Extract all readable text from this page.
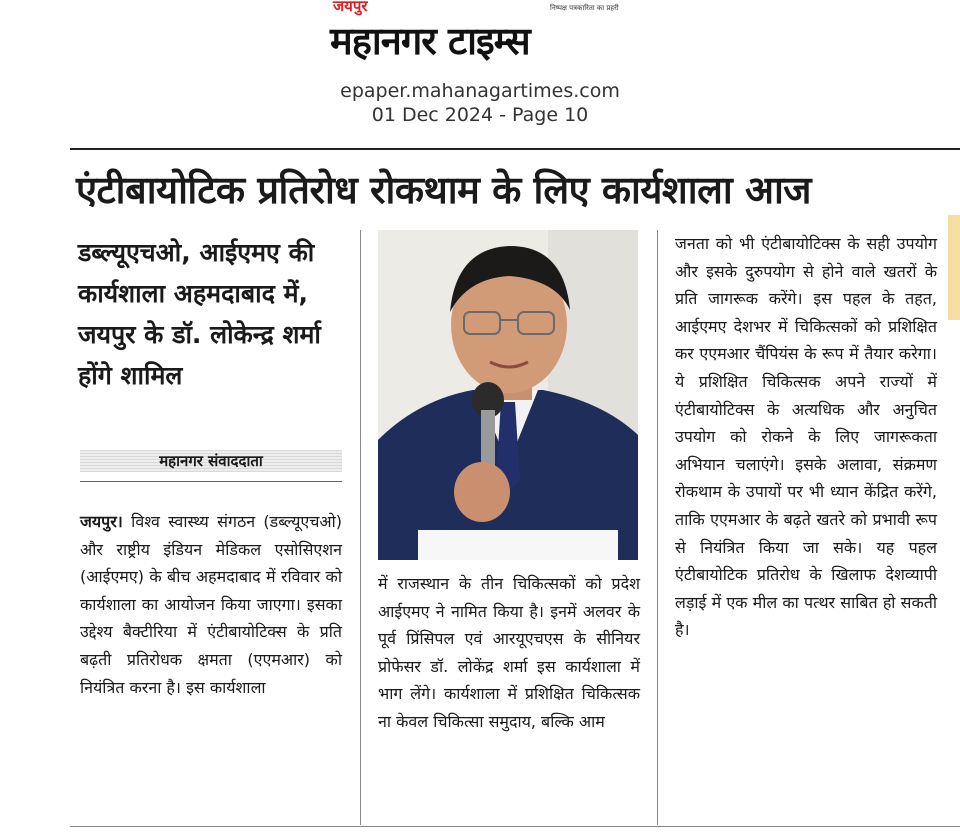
जयपुर	निष्पक्ष पत्रकारिता का प्रहरी
महानगर टाइम्स
epaper.mahanagartimes.com
01 Dec 2024 - Page 10
एंटीबायोटिक प्रतिरोध रोकथाम के लिए कार्यशाला आज
डब्ल्यूएचओ, आईएमए की कार्यशाला अहमदाबाद में, जयपुर के डॉ. लोकेन्द्र शर्मा होंगे शामिल
महानगर संवाददाता
जयपुर। विश्व स्वास्थ्य संगठन (डब्ल्यूएचओ) और राष्ट्रीय इंडियन मेडिकल एसोसिएशन (आईएमए) के बीच अहमदाबाद में रविवार को कार्यशाला का आयोजन किया जाएगा। इसका उद्देश्य बैक्टीरिया में एंटीबायोटिक्स के प्रति बढ़ती प्रतिरोधक क्षमता (एएमआर) को नियंत्रित करना है। इस कार्यशाला
में राजस्थान के तीन चिकित्सकों को प्रदेश आईएमए ने नामित किया है। इनमें अलवर के पूर्व प्रिंसिपल एवं आरयूएचएस के सीनियर प्रोफेसर डॉ. लोकेंद्र शर्मा इस कार्यशाला में भाग लेंगे। कार्यशाला में प्रशिक्षित चिकित्सक ना केवल चिकित्सा समुदाय, बल्कि आम
जनता को भी एंटीबायोटिक्स के सही उपयोग और इसके दुरुपयोग से होने वाले खतरों के प्रति जागरूक करेंगे। इस पहल के तहत, आईएमए देशभर में चिकित्सकों को प्रशिक्षित कर एएमआर चैंपियंस के रूप में तैयार करेगा। ये प्रशिक्षित चिकित्सक अपने राज्यों में एंटीबायोटिक्स के अत्यधिक और अनुचित उपयोग को रोकने के लिए जागरूकता अभियान चलाएंगे। इसके अलावा, संक्रमण रोकथाम के उपायों पर भी ध्यान केंद्रित करेंगे, ताकि एएमआर के बढ़ते खतरे को प्रभावी रूप से नियंत्रित किया जा सके। यह पहल एंटीबायोटिक प्रतिरोध के खिलाफ देशव्यापी लड़ाई में एक मील का पत्थर साबित हो सकती है।
